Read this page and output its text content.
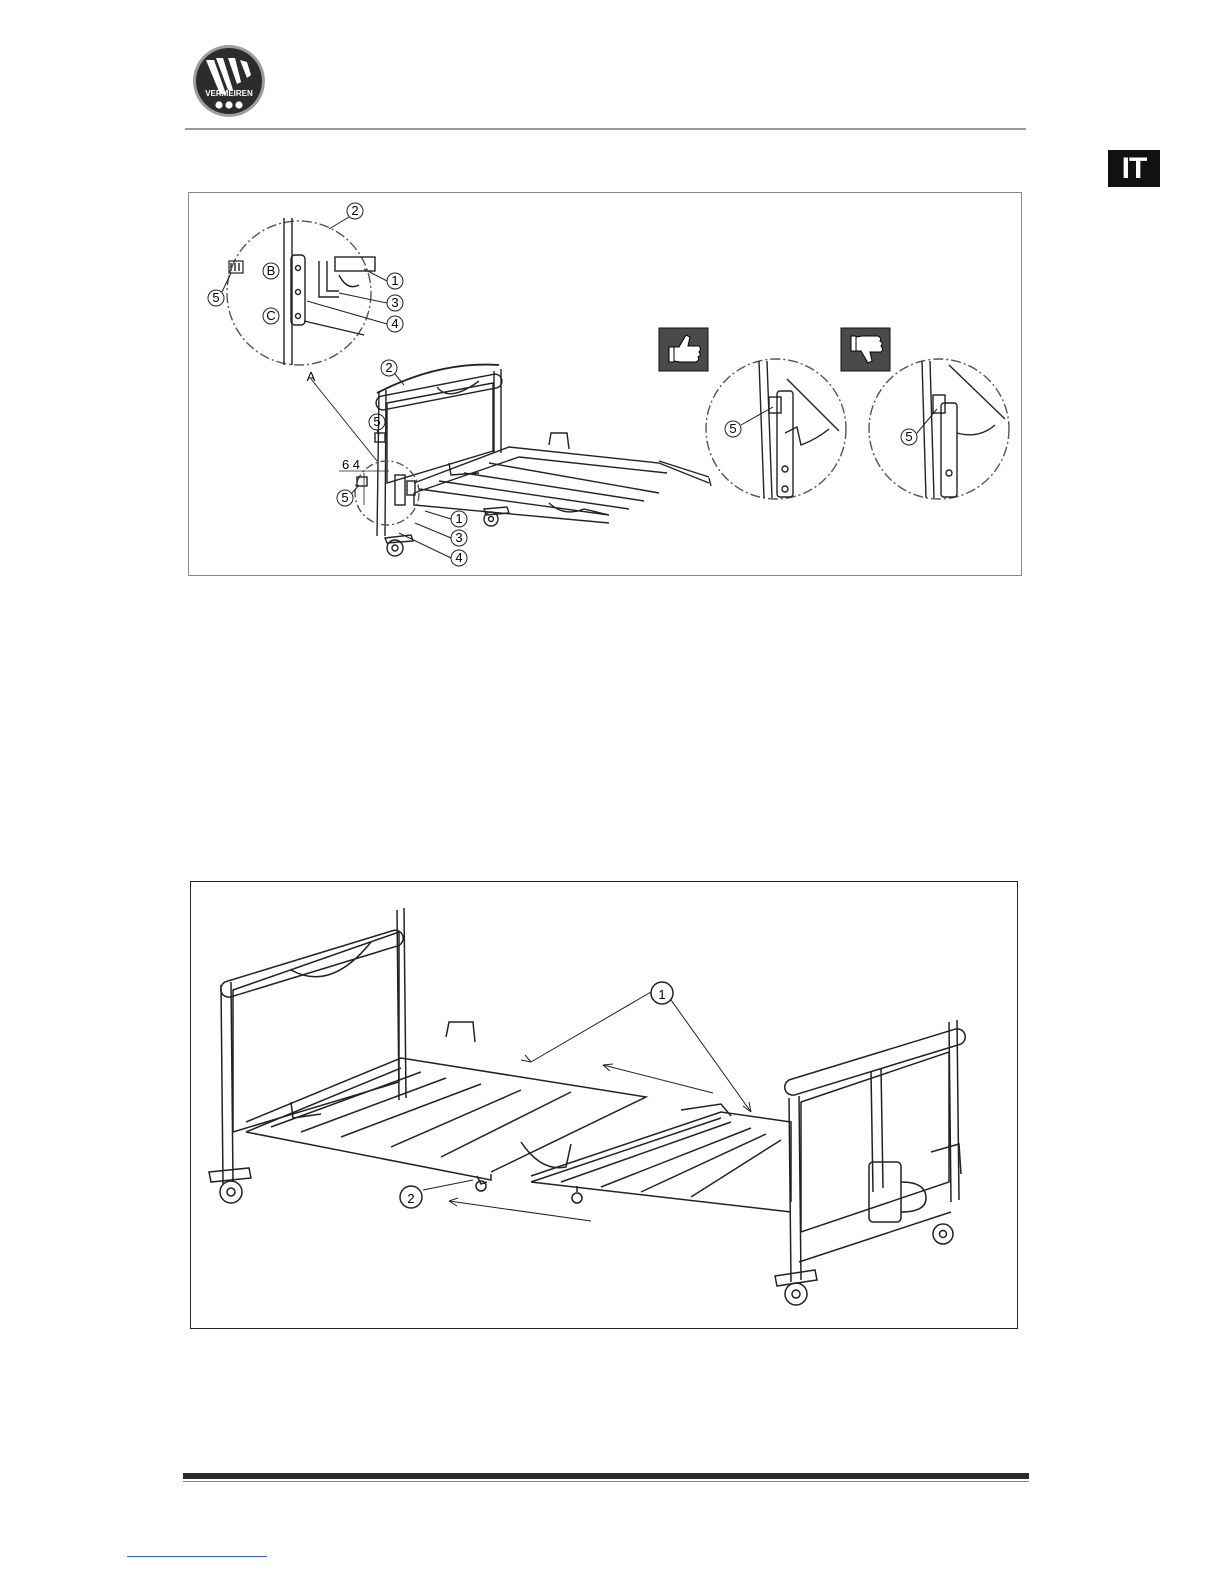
VERMEIREN
IT
2
1
3
4
5
B
C
A
6 4
2
5
5
1
3
4
5
5
1
2
